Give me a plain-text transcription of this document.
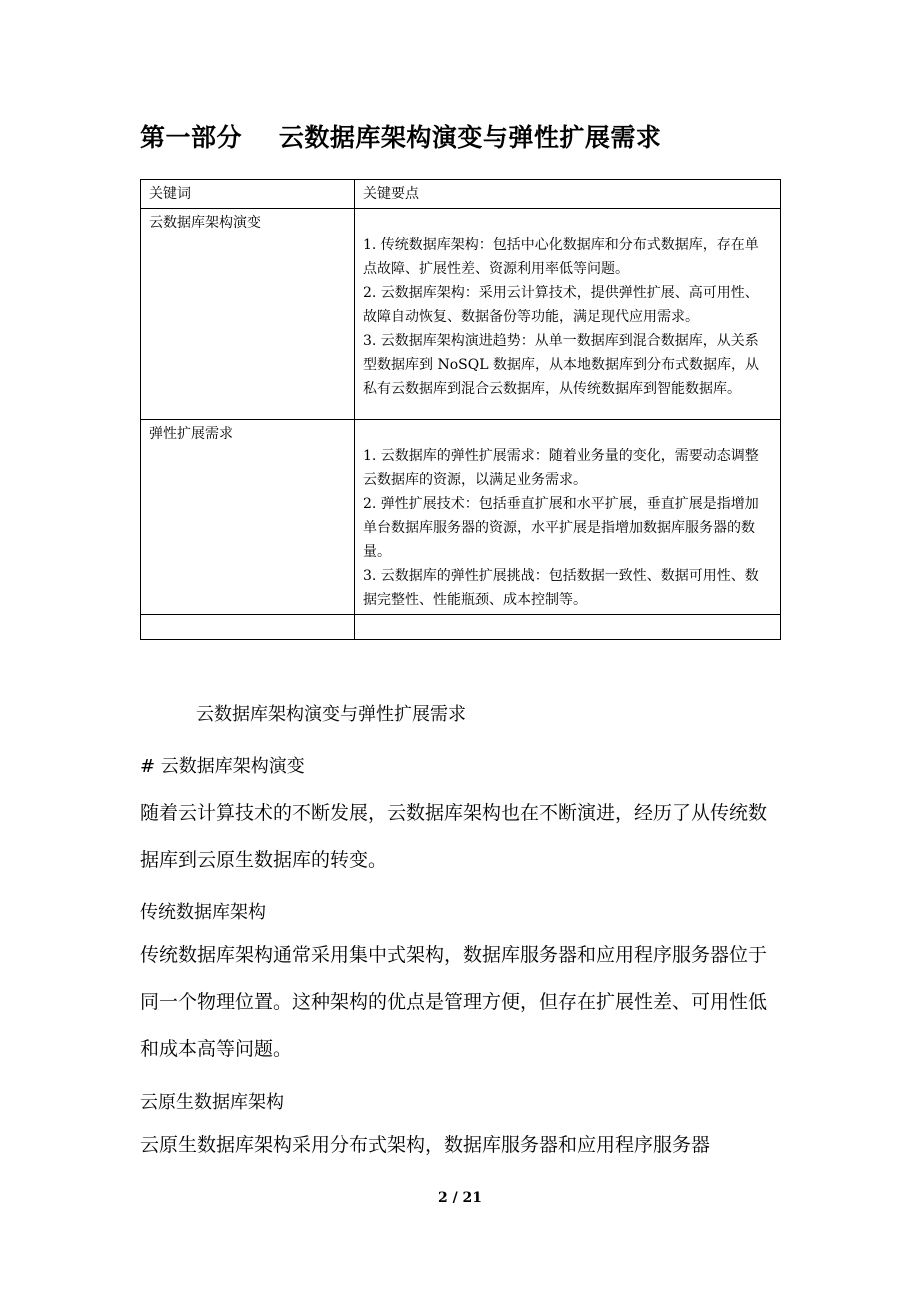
第一部分    云数据库架构演变与弹性扩展需求
关键词	关键要点
云数据库架构演变	1. 传统数据库架构：包括中心化数据库和分布式数据库，存在单点故障、扩展性差、资源利用率低等问题。

2. 云数据库架构：采用云计算技术，提供弹性扩展、高可用性、故障自动恢复、数据备份等功能，满足现代应用需求。

3. 云数据库架构演进趋势：从单一数据库到混合数据库，从关系型数据库到 NoSQL 数据库，从本地数据库到分布式数据库，从私有云数据库到混合云数据库，从传统数据库到智能数据库。

弹性扩展需求	1. 云数据库的弹性扩展需求：随着业务量的变化，需要动态调整云数据库的资源，以满足业务需求。

2. 弹性扩展技术：包括垂直扩展和水平扩展，垂直扩展是指增加单台数据库服务器的资源，水平扩展是指增加数据库服务器的数量。

3. 云数据库的弹性扩展挑战：包括数据一致性、数据可用性、数据完整性、性能瓶颈、成本控制等。

云数据库架构演变与弹性扩展需求
# 云数据库架构演变

随着云计算技术的不断发展，云数据库架构也在不断演进，经历了从传统数据库到云原生数据库的转变。

传统数据库架构

传统数据库架构通常采用集中式架构，数据库服务器和应用程序服务器位于同一个物理位置。这种架构的优点是管理方便，但存在扩展性差、可用性低和成本高等问题。

云原生数据库架构

云原生数据库架构采用分布式架构，数据库服务器和应用程序服务器

2 / 21
